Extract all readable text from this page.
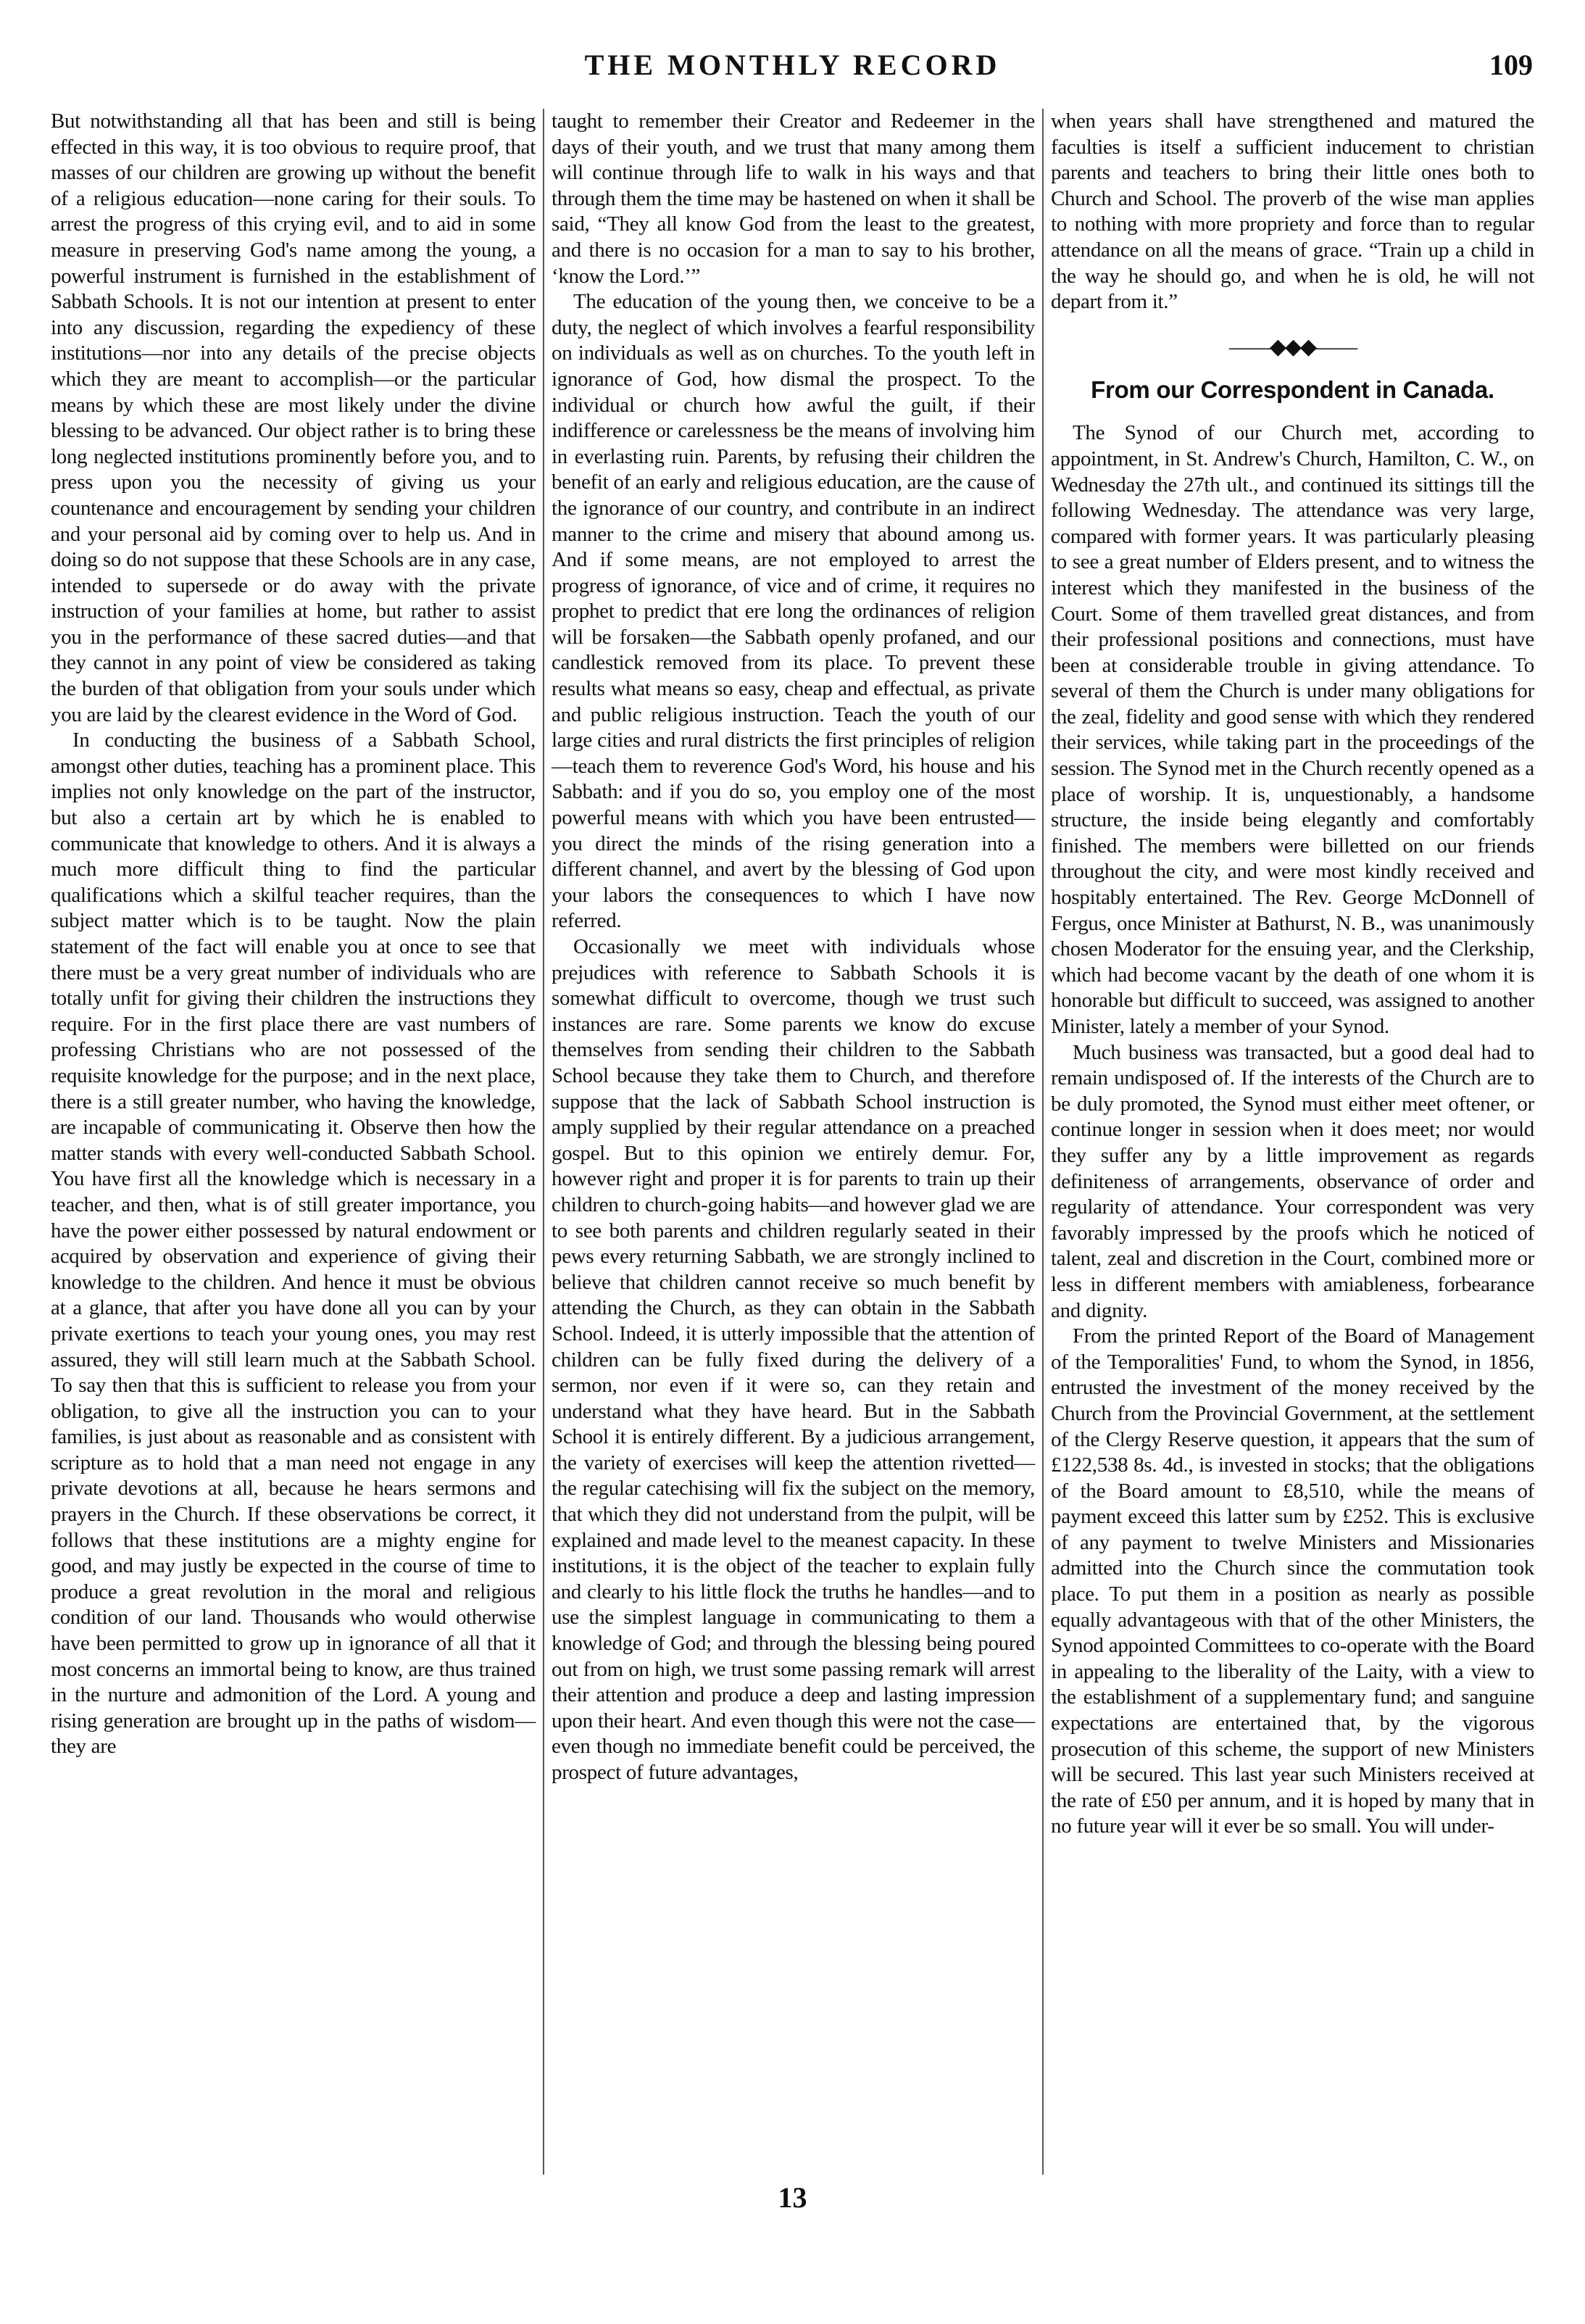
THE MONTHLY RECORD	109

But notwithstanding all that has been and still is being effected in this way, it is too obvious to require proof, that masses of our children are growing up without the benefit of a religious education—none caring for their souls. To arrest the progress of this crying evil, and to aid in some measure in preserving God's name among the young, a powerful instrument is furnished in the establishment of Sabbath Schools. It is not our intention at present to enter into any discussion, regarding the expediency of these institutions—nor into any details of the precise objects which they are meant to accomplish—or the particular means by which these are most likely under the divine blessing to be advanced. Our object rather is to bring these long neglected institutions prominently before you, and to press upon you the necessity of giving us your countenance and encouragement by sending your children and your personal aid by coming over to help us. And in doing so do not suppose that these Schools are in any case, intended to supersede or do away with the private instruction of your families at home, but rather to assist you in the performance of these sacred duties—and that they cannot in any point of view be considered as taking the burden of that obligation from your souls under which you are laid by the clearest evidence in the Word of God.

In conducting the business of a Sabbath School, amongst other duties, teaching has a prominent place. This implies not only knowledge on the part of the instructor, but also a certain art by which he is enabled to communicate that knowledge to others. And it is always a much more difficult thing to find the particular qualifications which a skilful teacher requires, than the subject matter which is to be taught. Now the plain statement of the fact will enable you at once to see that there must be a very great number of individuals who are totally unfit for giving their children the instructions they require. For in the first place there are vast numbers of professing Christians who are not possessed of the requisite knowledge for the purpose; and in the next place, there is a still greater number, who having the knowledge, are incapable of communicating it. Observe then how the matter stands with every well-conducted Sabbath School. You have first all the knowledge which is necessary in a teacher, and then, what is of still greater importance, you have the power either possessed by natural endowment or acquired by observation and experience of giving their knowledge to the children. And hence it must be obvious at a glance, that after you have done all you can by your private exertions to teach your young ones, you may rest assured, they will still learn much at the Sabbath School. To say then that this is sufficient to release you from your obligation, to give all the instruction you can to your families, is just about as reasonable and as consistent with scripture as to hold that a man need not engage in any private devotions at all, because he hears sermons and prayers in the Church. If these observations be correct, it follows that these institutions are a mighty engine for good, and may justly be expected in the course of time to produce a great revolution in the moral and religious condition of our land. Thousands who would otherwise have been permitted to grow up in ignorance of all that it most concerns an immortal being to know, are thus trained in the nurture and admonition of the Lord. A young and rising generation are brought up in the paths of wisdom—they are

taught to remember their Creator and Redeemer in the days of their youth, and we trust that many among them will continue through life to walk in his ways and that through them the time may be hastened on when it shall be said, “They all know God from the least to the greatest, and there is no occasion for a man to say to his brother, ‘know the Lord.’”

The education of the young then, we conceive to be a duty, the neglect of which involves a fearful responsibility on individuals as well as on churches. To the youth left in ignorance of God, how dismal the prospect. To the individual or church how awful the guilt, if their indifference or carelessness be the means of involving him in everlasting ruin. Parents, by refusing their children the benefit of an early and religious education, are the cause of the ignorance of our country, and contribute in an indirect manner to the crime and misery that abound among us. And if some means, are not employed to arrest the progress of ignorance, of vice and of crime, it requires no prophet to predict that ere long the ordinances of religion will be forsaken—the Sabbath openly profaned, and our candlestick removed from its place. To prevent these results what means so easy, cheap and effectual, as private and public religious instruction. Teach the youth of our large cities and rural districts the first principles of religion—teach them to reverence God's Word, his house and his Sabbath: and if you do so, you employ one of the most powerful means with which you have been entrusted—you direct the minds of the rising generation into a different channel, and avert by the blessing of God upon your labors the consequences to which I have now referred.

Occasionally we meet with individuals whose prejudices with reference to Sabbath Schools it is somewhat difficult to overcome, though we trust such instances are rare. Some parents we know do excuse themselves from sending their children to the Sabbath School because they take them to Church, and therefore suppose that the lack of Sabbath School instruction is amply supplied by their regular attendance on a preached gospel. But to this opinion we entirely demur. For, however right and proper it is for parents to train up their children to church-going habits—and however glad we are to see both parents and children regularly seated in their pews every returning Sabbath, we are strongly inclined to believe that children cannot receive so much benefit by attending the Church, as they can obtain in the Sabbath School. Indeed, it is utterly impossible that the attention of children can be fully fixed during the delivery of a sermon, nor even if it were so, can they retain and understand what they have heard. But in the Sabbath School it is entirely different. By a judicious arrangement, the variety of exercises will keep the attention rivetted—the regular catechising will fix the subject on the memory, that which they did not understand from the pulpit, will be explained and made level to the meanest capacity. In these institutions, it is the object of the teacher to explain fully and clearly to his little flock the truths he handles—and to use the simplest language in communicating to them a knowledge of God; and through the blessing being poured out from on high, we trust some passing remark will arrest their attention and produce a deep and lasting impression upon their heart. And even though this were not the case—even though no immediate benefit could be perceived, the prospect of future advantages,

when years shall have strengthened and matured the faculties is itself a sufficient inducement to christian parents and teachers to bring their little ones both to Church and School. The proverb of the wise man applies to nothing with more propriety and force than to regular attendance on all the means of grace. “Train up a child in the way he should go, and when he is old, he will not depart from it.”

——◆◆◆——
From our Correspondent in Canada.

The Synod of our Church met, according to appointment, in St. Andrew's Church, Hamilton, C. W., on Wednesday the 27th ult., and continued its sittings till the following Wednesday. The attendance was very large, compared with former years. It was particularly pleasing to see a great number of Elders present, and to witness the interest which they manifested in the business of the Court. Some of them travelled great distances, and from their professional positions and connections, must have been at considerable trouble in giving attendance. To several of them the Church is under many obligations for the zeal, fidelity and good sense with which they rendered their services, while taking part in the proceedings of the session. The Synod met in the Church recently opened as a place of worship. It is, unquestionably, a handsome structure, the inside being elegantly and comfortably finished. The members were billetted on our friends throughout the city, and were most kindly received and hospitably entertained. The Rev. George McDonnell of Fergus, once Minister at Bathurst, N. B., was unanimously chosen Moderator for the ensuing year, and the Clerkship, which had become vacant by the death of one whom it is honorable but difficult to succeed, was assigned to another Minister, lately a member of your Synod.

Much business was transacted, but a good deal had to remain undisposed of. If the interests of the Church are to be duly promoted, the Synod must either meet oftener, or continue longer in session when it does meet; nor would they suffer any by a little improvement as regards definiteness of arrangements, observance of order and regularity of attendance. Your correspondent was very favorably impressed by the proofs which he noticed of talent, zeal and discretion in the Court, combined more or less in different members with amiableness, forbearance and dignity.

From the printed Report of the Board of Management of the Temporalities' Fund, to whom the Synod, in 1856, entrusted the investment of the money received by the Church from the Provincial Government, at the settlement of the Clergy Reserve question, it appears that the sum of £122,538 8s. 4d., is invested in stocks; that the obligations of the Board amount to £8,510, while the means of payment exceed this latter sum by £252. This is exclusive of any payment to twelve Ministers and Missionaries admitted into the Church since the commutation took place. To put them in a position as nearly as possible equally advantageous with that of the other Ministers, the Synod appointed Committees to co-operate with the Board in appealing to the liberality of the Laity, with a view to the establishment of a supplementary fund; and sanguine expectations are entertained that, by the vigorous prosecution of this scheme, the support of new Ministers will be secured. This last year such Ministers received at the rate of £50 per annum, and it is hoped by many that in no future year will it ever be so small. You will under-

13
